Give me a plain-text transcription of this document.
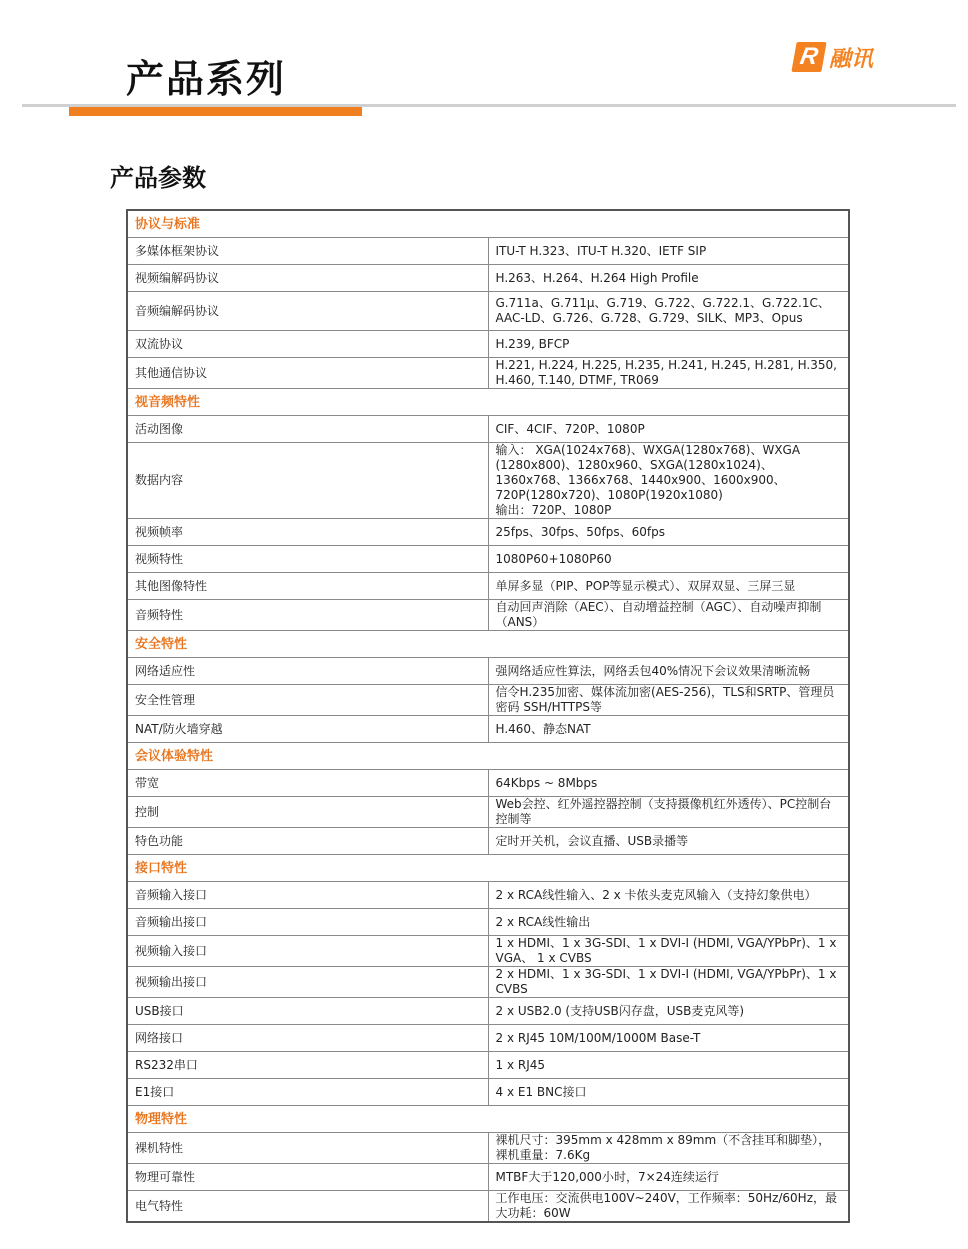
产品系列
R 融讯
产品参数
协议与标准	
多媒体框架协议	ITU-T H.323、ITU-T H.320、IETF SIP
视频编解码协议	H.263、H.264、H.264 High Profile
音频编解码协议	G.711a、G.711μ、G.719、G.722、G.722.1、G.722.1C、AAC-LD、G.726、G.728、G.729、SILK、MP3、Opus
双流协议	H.239, BFCP
其他通信协议	H.221, H.224, H.225, H.235, H.241, H.245, H.281, H.350, H.460, T.140, DTMF, TR069
视音频特性	
活动图像	CIF、4CIF、720P、1080P
数据内容	输入： XGA(1024x768)、WXGA(1280x768)、WXGA (1280x800)、1280x960、SXGA(1280x1024)、1360x768、1366x768、1440x900、1600x900、720P(1280x720)、1080P(1920x1080)
输出：720P、1080P

视频帧率	25fps、30fps、50fps、60fps
视频特性	1080P60+1080P60
其他图像特性	单屏多显（PIP、POP等显示模式）、双屏双显、三屏三显
音频特性	自动回声消除（AEC）、自动增益控制（AGC）、自动噪声抑制（ANS）
安全特性	
网络适应性	强网络适应性算法，网络丢包40%情况下会议效果清晰流畅
安全性管理	信令H.235加密、媒体流加密(AES-256)，TLS和SRTP、管理员密码 SSH/HTTPS等
NAT/防火墙穿越	H.460、静态NAT
会议体验特性	
带宽	64Kbps ~ 8Mbps
控制	Web会控、红外遥控器控制（支持摄像机红外透传）、PC控制台控制等
特色功能	定时开关机，会议直播、USB录播等
接口特性	
音频输入接口	2 x RCA线性输入、2 x 卡侬头麦克风输入（支持幻象供电）
音频输出接口	2 x RCA线性输出
视频输入接口	1 x HDMI、1 x 3G-SDI、1 x DVI-I (HDMI, VGA/YPbPr)、1 x VGA、 1 x CVBS
视频输出接口	2 x HDMI、1 x 3G-SDI、1 x DVI-I (HDMI, VGA/YPbPr)、1 x CVBS
USB接口	2 x USB2.0 (支持USB闪存盘，USB麦克风等)
网络接口	2 x RJ45 10M/100M/1000M Base-T
RS232串口	1 x RJ45
E1接口	4 x E1 BNC接口
物理特性	
裸机特性	裸机尺寸：395mm x 428mm x 89mm（不含挂耳和脚垫），裸机重量：7.6Kg
物理可靠性	MTBF大于120,000小时，7×24连续运行
电气特性	工作电压：交流供电100V~240V，工作频率：50Hz/60Hz，最大功耗：60W
